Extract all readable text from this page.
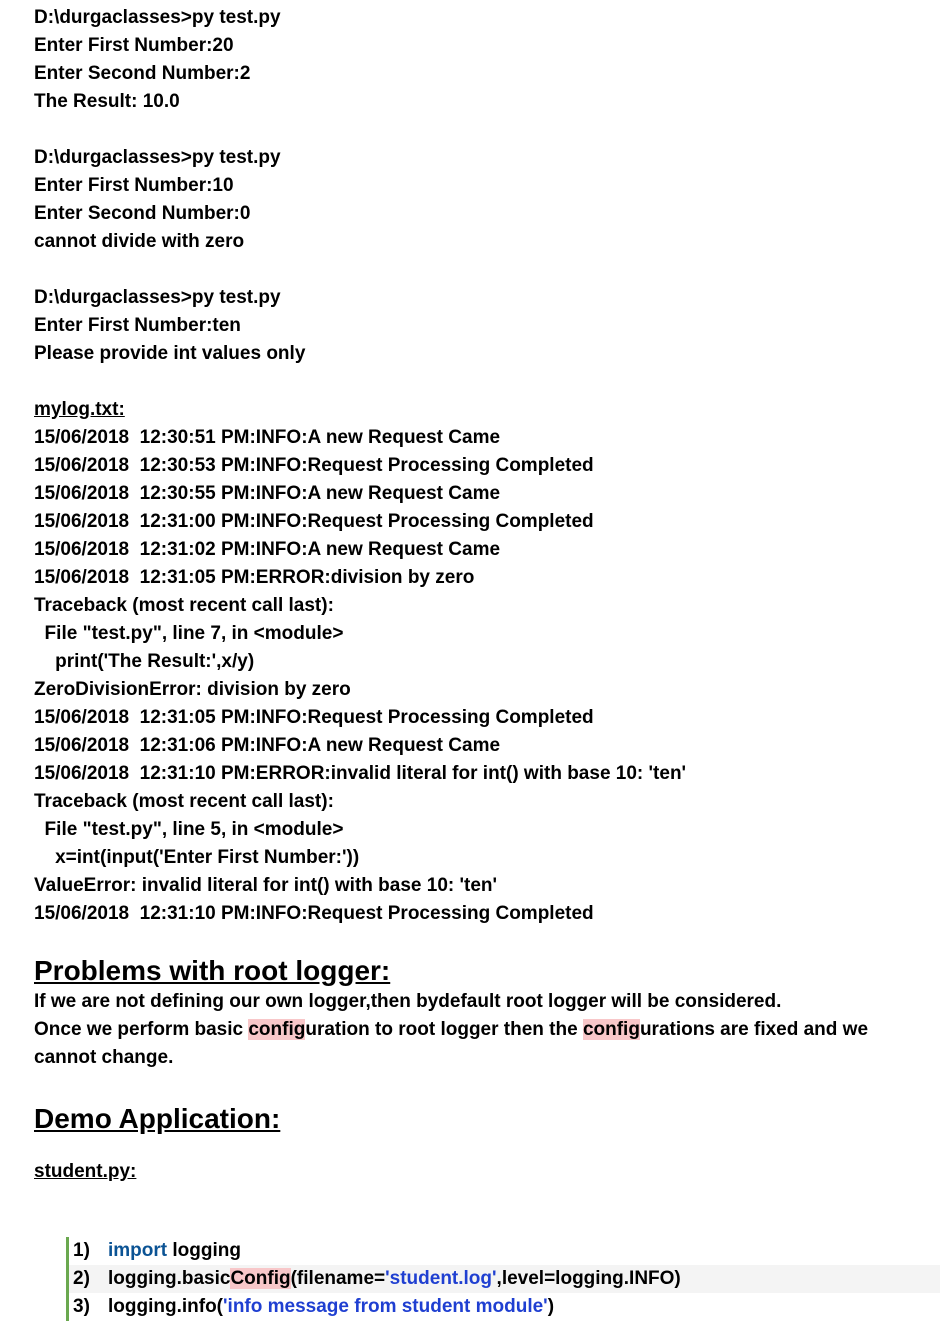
D:\durgaclasses>py test.py
Enter First Number:20
Enter Second Number:2
The Result: 10.0
D:\durgaclasses>py test.py
Enter First Number:10
Enter Second Number:0
cannot divide with zero
D:\durgaclasses>py test.py
Enter First Number:ten
Please provide int values only
mylog.txt:
15/06/2018  12:30:51 PM:INFO:A new Request Came
15/06/2018  12:30:53 PM:INFO:Request Processing Completed
15/06/2018  12:30:55 PM:INFO:A new Request Came
15/06/2018  12:31:00 PM:INFO:Request Processing Completed
15/06/2018  12:31:02 PM:INFO:A new Request Came
15/06/2018  12:31:05 PM:ERROR:division by zero
Traceback (most recent call last):
File "test.py", line 7, in <module>
print('The Result:',x/y)
ZeroDivisionError: division by zero
15/06/2018  12:31:05 PM:INFO:Request Processing Completed
15/06/2018  12:31:06 PM:INFO:A new Request Came
15/06/2018  12:31:10 PM:ERROR:invalid literal for int() with base 10: 'ten'
Traceback (most recent call last):
File "test.py", line 5, in <module>
x=int(input('Enter First Number:'))
ValueError: invalid literal for int() with base 10: 'ten'
15/06/2018  12:31:10 PM:INFO:Request Processing Completed
Problems with root logger:
If we are not defining our own logger,then bydefault root logger will be considered.
Once we perform basic configuration to root logger then the configurations are fixed and we cannot change.
Demo Application:
student.py:
1) import logging
2) logging.basicConfig(filename='student.log',level=logging.INFO)
3) logging.info('info message from student module')
